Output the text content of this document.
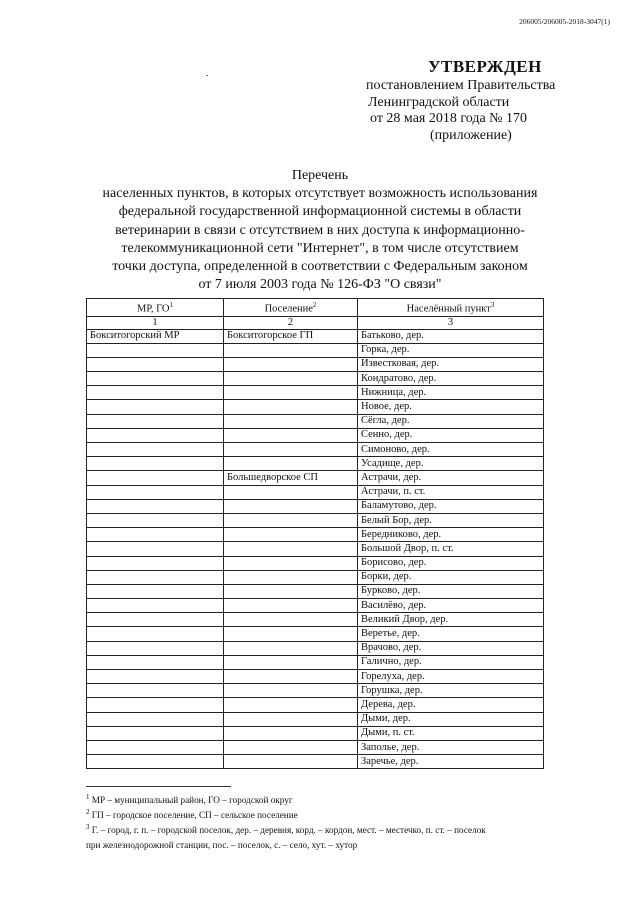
206005/206005-2018-3047(1)
УТВЕРЖДЕН
постановлением Правительства
Ленинградской области
от 28 мая 2018 года № 170
(приложение)
Перечень
населенных пунктов, в которых отсутствует возможность использования
федеральной государственной информационной системы в области
ветеринарии в связи с отсутствием в них доступа к информационно-
телекоммуникационной сети "Интернет", в том числе отсутствием
точки доступа, определенной в соответствии с Федеральным законом
от 7 июля 2003 года № 126-ФЗ "О связи"
МР, $ГО^1$	Поселение$^2$	Населённый пункт$^3$
1	2	3
Бокситогорский МР	Бокситогорское ГП	Батьково, дер.
		Горка, дер.
		Известковая, дер.
		Кондратово, дер.
		Нижница, дер.
		Новое, дер.
		Сёгла, дер.
		Сенно, дер.
		Симоново, дер.
		Усадище, дер.
	Большедворское СП	Астрачи, дер.
		Астрачи, п. ст.
		Баламутово, дер.
		Белый Бор, дер.
		Бередниково, дер.
		Большой Двор, п. ст.
		Борисово, дер.
		Борки, дер.
		Бурково, дер.
		Василёво, дер.
		Великий Двор, дер.
		Веретье, дер.
		Врачово, дер.
		Галично, дер.
		Горелуха, дер.
		Горушка, дер.
		Дерева, дер.
		Дыми, дер.
		Дыми, п. ст.
		Заполье, дер.
		Заречье, дер.
$^1$ МР – муниципальный район, ГО – городской округ
$^2$ ГП – городское поселение, СП – сельское поселение
$^3$ Г. – город, г. п. – городской поселок, дер. – деревня, корд. – кордон, мест. – местечко, п. ст. – поселок
при железнодорожной станции, пос. – поселок, с. – село, хут. – хутор
